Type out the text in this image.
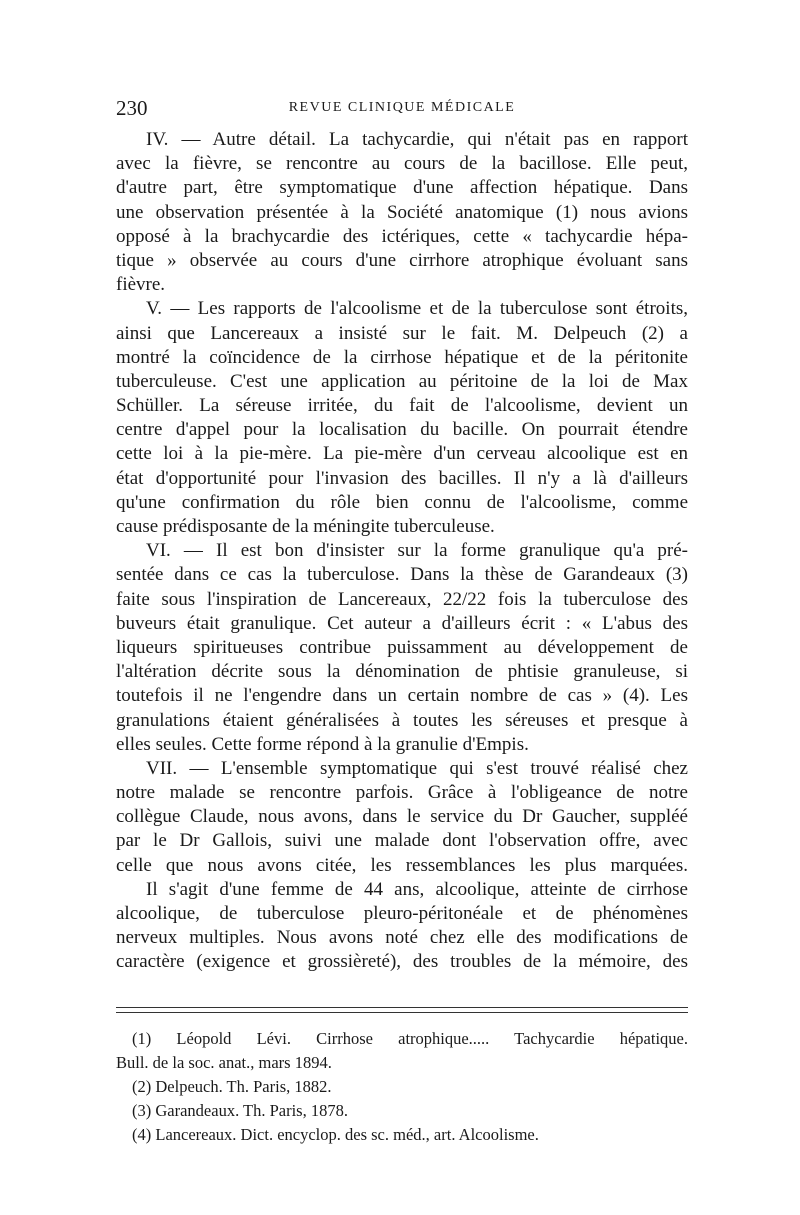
230	REVUE CLINIQUE MÉDICALE
IV. — Autre détail. La tachycardie, qui n'était pas en rapport
avec la fièvre, se rencontre au cours de la bacillose. Elle peut,
d'autre part, être symptomatique d'une affection hépatique. Dans
une observation présentée à la Société anatomique (1) nous avions
opposé à la brachycardie des ictériques, cette « tachycardie hépa-
tique » observée au cours d'une cirrhore atrophique évoluant sans
fièvre.
V. — Les rapports de l'alcoolisme et de la tuberculose sont étroits,
ainsi que Lancereaux a insisté sur le fait. M. Delpeuch (2) a
montré la coïncidence de la cirrhose hépatique et de la péritonite
tuberculeuse. C'est une application au péritoine de la loi de Max
Schüller. La séreuse irritée, du fait de l'alcoolisme, devient un
centre d'appel pour la localisation du bacille. On pourrait étendre
cette loi à la pie-mère. La pie-mère d'un cerveau alcoolique est en
état d'opportunité pour l'invasion des bacilles. Il n'y a là d'ailleurs
qu'une confirmation du rôle bien connu de l'alcoolisme, comme
cause prédisposante de la méningite tuberculeuse.
VI. — Il est bon d'insister sur la forme granulique qu'a pré-
sentée dans ce cas la tuberculose. Dans la thèse de Garandeaux (3)
faite sous l'inspiration de Lancereaux, 22/22 fois la tuberculose des
buveurs était granulique. Cet auteur a d'ailleurs écrit : « L'abus des
liqueurs spiritueuses contribue puissamment au développement de
l'altération décrite sous la dénomination de phtisie granuleuse, si
toutefois il ne l'engendre dans un certain nombre de cas » (4). Les
granulations étaient généralisées à toutes les séreuses et presque à
elles seules. Cette forme répond à la granulie d'Empis.
VII. — L'ensemble symptomatique qui s'est trouvé réalisé chez
notre malade se rencontre parfois. Grâce à l'obligeance de notre
collègue Claude, nous avons, dans le service du Dr Gaucher, suppléé
par le Dr Gallois, suivi une malade dont l'observation offre, avec
celle que nous avons citée, les ressemblances les plus marquées.
Il s'agit d'une femme de 44 ans, alcoolique, atteinte de cirrhose
alcoolique, de tuberculose pleuro-péritonéale et de phénomènes
nerveux multiples. Nous avons noté chez elle des modifications de
caractère (exigence et grossièreté), des troubles de la mémoire, des
(1) Léopold Lévi. Cirrhose atrophique..... Tachycardie hépatique.
Bull. de la soc. anat., mars 1894.
(2) Delpeuch. Th. Paris, 1882.
(3) Garandeaux. Th. Paris, 1878.
(4) Lancereaux. Dict. encyclop. des sc. méd., art. Alcoolisme.
